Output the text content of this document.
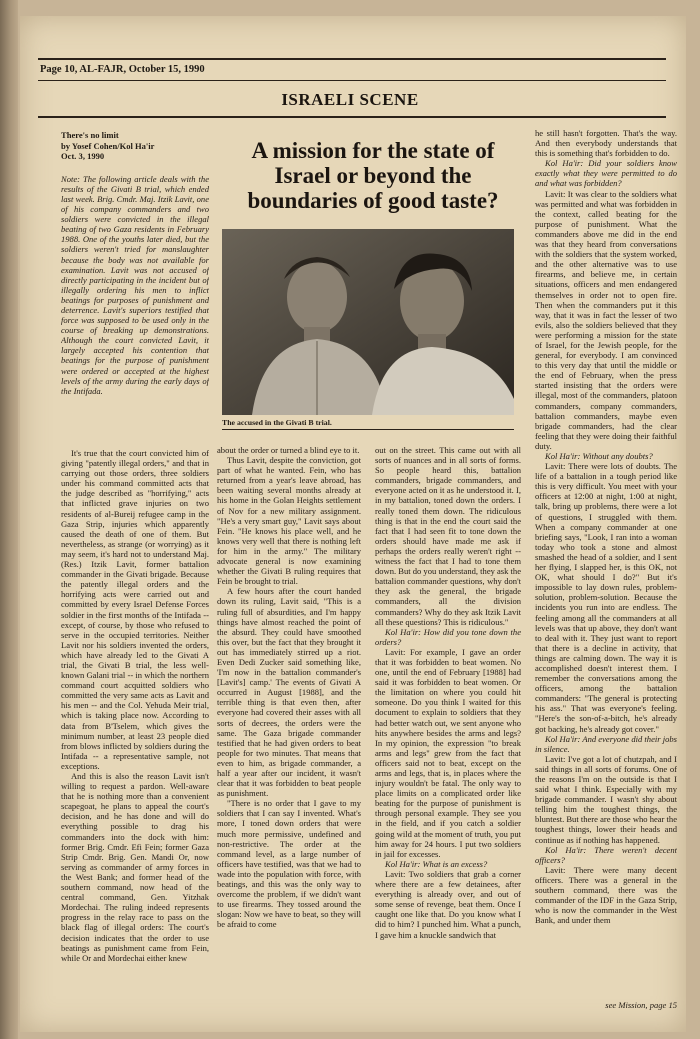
Page 10, AL-FAJR, October 15, 1990
ISRAELI SCENE

There's no limit

by Yosef Cohen/Kol Ha'ir

Oct. 3, 1990

Note: The following article deals with the results of the Givati B trial, which ended last week. Brig. Cmdr. Maj. Itzik Lavit, one of his company commanders and two soldiers were convicted in the illegal beating of two Gaza residents in February 1988. One of the youths later died, but the soldiers weren't tried for manslaughter because the body was not available for examination. Lavit was not accused of directly participating in the incident but of illegally ordering his men to inflict beatings for purposes of punishment and deterrence. Lavit's superiors testified that force was supposed to be used only in the course of breaking up demonstrations. Although the court convicted Lavit, it largely accepted his contention that beatings for the purpose of punishment were ordered or accepted at the highest levels of the army during the early days of the Intifada.

A mission for the state of Israel or beyond the boundaries of good taste?
The accused in the Givati B trial.

It's true that the court convicted him of giving "patently illegal orders," and that in carrying out those orders, three soldiers under his command committed acts that the judge described as "horrifying," acts that inflicted grave injuries on two residents of al-Bureij refugee camp in the Gaza Strip, injuries which apparently caused the death of one of them. But nevertheless, as strange (or worrying) as it may seem, it's hard not to understand Maj. (Res.) Itzik Lavit, former battalion commander in the Givati brigade. Because the patently illegal orders and the horrifying acts were carried out and committed by every Israel Defense Forces soldier in the first months of the Intifada -- except, of course, by those who refused to serve in the occupied territories. Neither Lavit nor his soldiers invented the orders, which have already led to the Givati A trial, the Givati B trial, the less well-known Galani trial -- in which the northern command court acquitted soldiers who committed the very same acts as Lavit and his men -- and the Col. Yehuda Meir trial, which is taking place now. According to data from B'Tselem, which gives the minimum number, at least 23 people died from blows inflicted by soldiers during the Intifada -- a representative sample, not exceptions.

And this is also the reason Lavit isn't willing to request a pardon. Well-aware that he is nothing more than a convenient scapegoat, he plans to appeal the court's decision, and he has done and will do everything possible to drag his commanders into the dock with him: former Brig. Cmdr. Efi Fein; former Gaza Strip Cmdr. Brig. Gen. Mandi Or, now serving as commander of army forces in the West Bank; and former head of the southern command, now head of the central command, Gen. Yitzhak Mordechai. The ruling indeed represents progress in the relay race to pass on the black flag of illegal orders: The court's decision indicates that the order to use beatings as punishment came from Fein, while Or and Mordechai either knew

about the order or turned a blind eye to it.

Thus Lavit, despite the conviction, got part of what he wanted. Fein, who has returned from a year's leave abroad, has been waiting several months already at his home in the Golan Heights settlement of Nov for a new military assignment. "He's a very smart guy," Lavit says about Fein. "He knows his place well, and he knows very well that there is nothing left for him in the army." The military advocate general is now examining whether the Givati B ruling requires that Fein be brought to trial.

A few hours after the court handed down its ruling, Lavit said, "This is a ruling full of absurdities, and I'm happy things have almost reached the point of the absurd. They could have smoothed this over, but the fact that they brought it out has immediately stirred up a riot. Even Dedi Zucker said something like, 'I'm now in the battalion commander's [Lavit's] camp.' The events of Givati A occurred in August [1988], and the terrible thing is that even then, after everyone had covered their asses with all sorts of decrees, the orders were the same. The Gaza brigade commander testified that he had given orders to beat people for two minutes. That means that even to him, as brigade commander, a half a year after our incident, it wasn't clear that it was forbidden to beat people as punishment.

"There is no order that I gave to my soldiers that I can say I invented. What's more, I toned down orders that were much more permissive, undefined and non-restrictive. The order at the command level, as a large number of officers have testified, was that we had to wade into the population with force, with beatings, and this was the only way to overcome the problem, if we didn't want to use firearms. They tossed around the slogan: Now we have to beat, so they will be afraid to come

out on the street. This came out with all sorts of nuances and in all sorts of forms. So people heard this, battalion commanders, brigade commanders, and everyone acted on it as he understood it. I, in my battalion, toned down the orders. I really toned them down. The ridiculous thing is that in the end the court said the fact that I had seen fit to tone down the orders should have made me ask if perhaps the orders really weren't right -- witness the fact that I had to tone them down. But do you understand, they ask the battalion commander questions, why don't they ask the general, the brigade commanders, all the division commanders? Why do they ask Itzik Lavit all these questions? This is ridiculous."

Kol Ha'ir: How did you tone down the orders?

Lavit: For example, I gave an order that it was forbidden to beat women. No one, until the end of February [1988] had said it was forbidden to beat women. Or the limitation on where you could hit someone. Do you think I waited for this document to explain to soldiers that they had better watch out, we sent anyone who hits anywhere besides the arms and legs? In my opinion, the expression "to break arms and legs" grew from the fact that officers said not to beat, except on the arms and legs, that is, in places where the injury wouldn't be fatal. The only way to place limits on a complicated order like beating for the purpose of punishment is through personal example. They see you in the field, and if you catch a soldier going wild at the moment of truth, you put him away for 24 hours. I put two soldiers in jail for excesses.

Kol Ha'ir: What is an excess?

Lavit: Two soldiers that grab a corner where there are a few detainees, after everything is already over, and out of some sense of revenge, beat them. Once I caught one like that. Do you know what I did to him? I punched him. What a punch, I gave him a knuckle sandwich that

he still hasn't forgotten. That's the way. And then everybody understands that this is something that's forbidden to do.

Kol Ha'ir: Did your soldiers know exactly what they were permitted to do and what was forbidden?

Lavit: It was clear to the soldiers what was permitted and what was forbidden in the context, called beating for the purpose of punishment. What the commanders above me did in the end was that they heard from conversations with the soldiers that the system worked, and the other alternative was to use firearms, and believe me, in certain situations, officers and men endangered themselves in order not to open fire. Then when the commanders put it this way, that it was in fact the lesser of two evils, also the soldiers believed that they were performing a mission for the state of Israel, for the Jewish people, for the general, for everybody. I am convinced to this very day that until the middle or the end of February, when the press started insisting that the orders were illegal, most of the commanders, platoon commanders, company commanders, battalion commanders, maybe even brigade commanders, had the clear feeling that they were doing their faithful duty.

Kol Ha'ir: Without any doubts?

Lavit: There were lots of doubts. The life of a battalion in a tough period like this is very difficult. You meet with your officers at 12:00 at night, 1:00 at night, talk, bring up problems, there were a lot of questions, I struggled with them. When a company commander at one briefing says, "Look, I ran into a woman today who took a stone and almost smashed the head of a soldier, and I sent her flying, I slapped her, is this OK, not OK, what should I do?" But it's impossible to lay down rules, problem-solution, problem-solution. Because the incidents you run into are endless. The feeling among all the commanders at all levels was that up above, they don't want to deal with it. They just want to report that there is a decline in activity, that things are calming down. The way it is accomplished doesn't interest them. I remember the conversations among the officers, among the battalion commanders: "The general is protecting his ass." That was everyone's feeling. "Here's the son-of-a-bitch, he's already got backing, he's already got cover."

Kol Ha'ir: And everyone did their jobs in silence.

Lavit: I've got a lot of chutzpah, and I said things in all sorts of forums. One of the reasons I'm on the outside is that I said what I think. Especially with my brigade commander. I wasn't shy about telling him the toughest things, the bluntest. But there are those who hear the toughest things, lower their heads and continue as if nothing has happened.

Kol Ha'ir: There weren't decent officers?

Lavit: There were many decent officers. There was a general in the southern command, there was the commander of the IDF in the Gaza Strip, who is now the commander in the West Bank, and under them

see Mission, page 15
